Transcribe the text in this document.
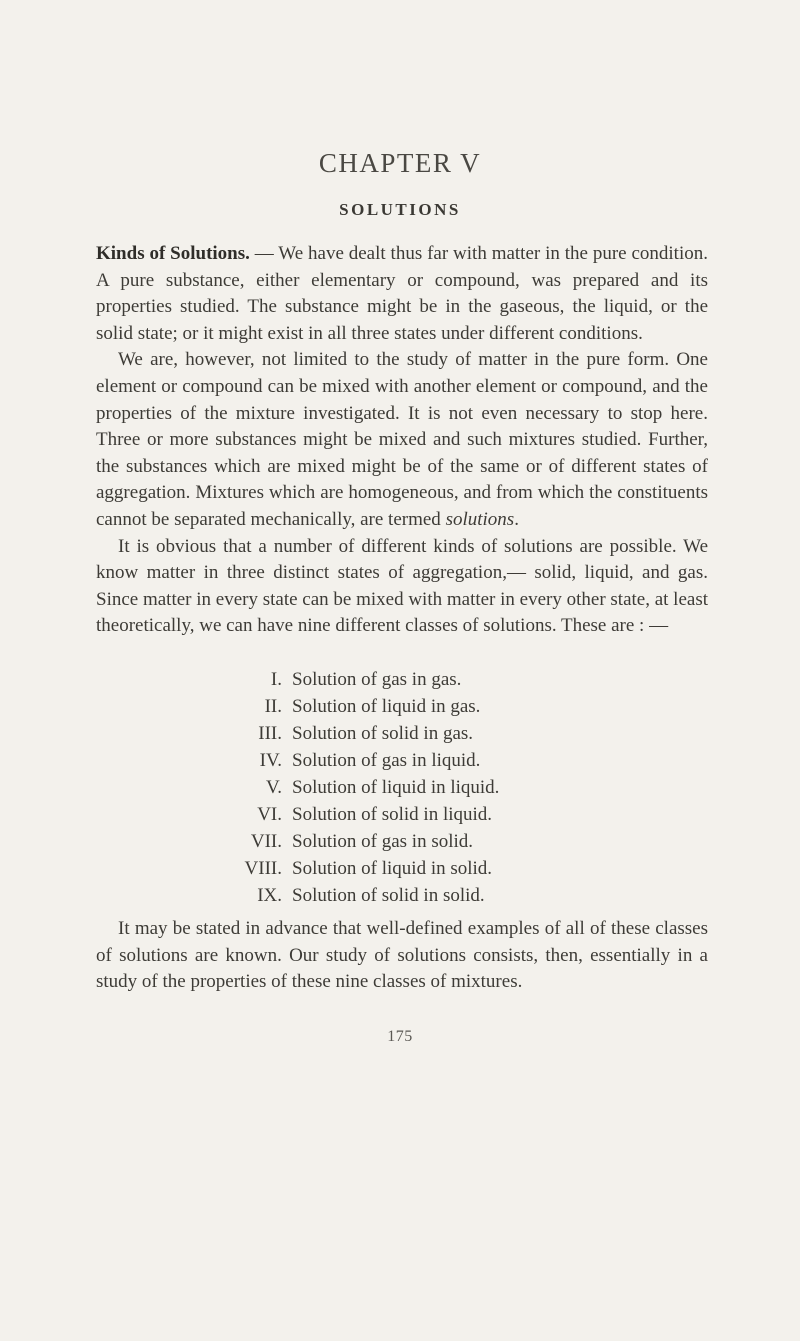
CHAPTER V
SOLUTIONS

Kinds of Solutions. — We have dealt thus far with matter in the pure condition. A pure substance, either elementary or compound, was prepared and its properties studied. The substance might be in the gaseous, the liquid, or the solid state; or it might exist in all three states under different conditions.

We are, however, not limited to the study of matter in the pure form. One element or compound can be mixed with another element or compound, and the properties of the mixture investigated. It is not even necessary to stop here. Three or more substances might be mixed and such mixtures studied. Further, the substances which are mixed might be of the same or of different states of aggregation. Mixtures which are homogeneous, and from which the constituents cannot be separated mechanically, are termed solutions.

It is obvious that a number of different kinds of solutions are possible. We know matter in three distinct states of aggregation,— solid, liquid, and gas. Since matter in every state can be mixed with matter in every other state, at least theoretically, we can have nine different classes of solutions. These are : —

I. Solution of gas in gas.
II. Solution of liquid in gas.
III. Solution of solid in gas.
IV. Solution of gas in liquid.
V. Solution of liquid in liquid.
VI. Solution of solid in liquid.
VII. Solution of gas in solid.
VIII. Solution of liquid in solid.
IX. Solution of solid in solid.

It may be stated in advance that well-defined examples of all of these classes of solutions are known. Our study of solutions consists, then, essentially in a study of the properties of these nine classes of mixtures.

175
